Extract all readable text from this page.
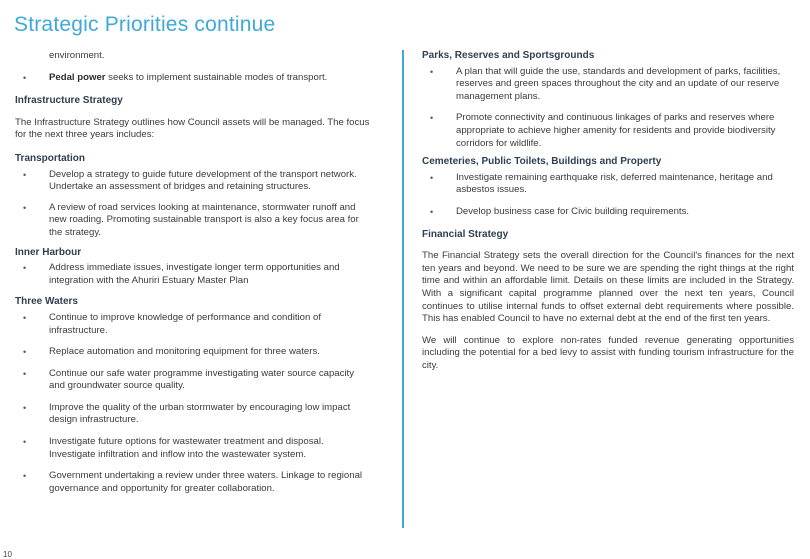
Strategic Priorities continue
environment.
• Pedal power seeks to implement sustainable modes of transport.
Infrastructure Strategy

The Infrastructure Strategy outlines how Council assets will be managed. The focus for the next three years includes:

Transportation
• Develop a strategy to guide future development of the transport network. Undertake an assessment of bridges and retaining structures.
• A review of road services looking at maintenance, stormwater runoff and new roading. Promoting sustainable transport is also a key focus area for the strategy.
Inner Harbour
• Address immediate issues, investigate longer term opportunities and integration with the Ahuriri Estuary Master Plan
Three Waters
• Continue to improve knowledge of performance and condition of infrastructure.
• Replace automation and monitoring equipment for three waters.
• Continue our safe water programme investigating water source capacity and groundwater source quality.
• Improve the quality of the urban stormwater by encouraging low impact design infrastructure.
• Investigate future options for wastewater treatment and disposal. Investigate infiltration and inflow into the wastewater system.
• Government undertaking a review under three waters. Linkage to regional governance and opportunity for greater collaboration.
Parks, Reserves and Sportsgrounds
• A plan that will guide the use, standards and development of parks, facilities, reserves and green spaces throughout the city and an update of our reserve management plans.
• Promote connectivity and continuous linkages of parks and reserves where appropriate to achieve higher amenity for residents and provide biodiversity corridors for wildlife.
Cemeteries, Public Toilets, Buildings and Property
• Investigate remaining earthquake risk, deferred maintenance, heritage and asbestos issues.
• Develop business case for Civic building requirements.
Financial Strategy

The Financial Strategy sets the overall direction for the Council's finances for the next ten years and beyond. We need to be sure we are spending the right things at the right time and within an affordable limit. Details on these limits are included in the Strategy. With a significant capital programme planned over the next ten years, Council continues to utilise internal funds to offset external debt requirements where possible. This has enabled Council to have no external debt at the end of the first ten years.

We will continue to explore non-rates funded revenue generating opportunities including the potential for a bed levy to assist with funding tourism infrastructure for the city.

10
